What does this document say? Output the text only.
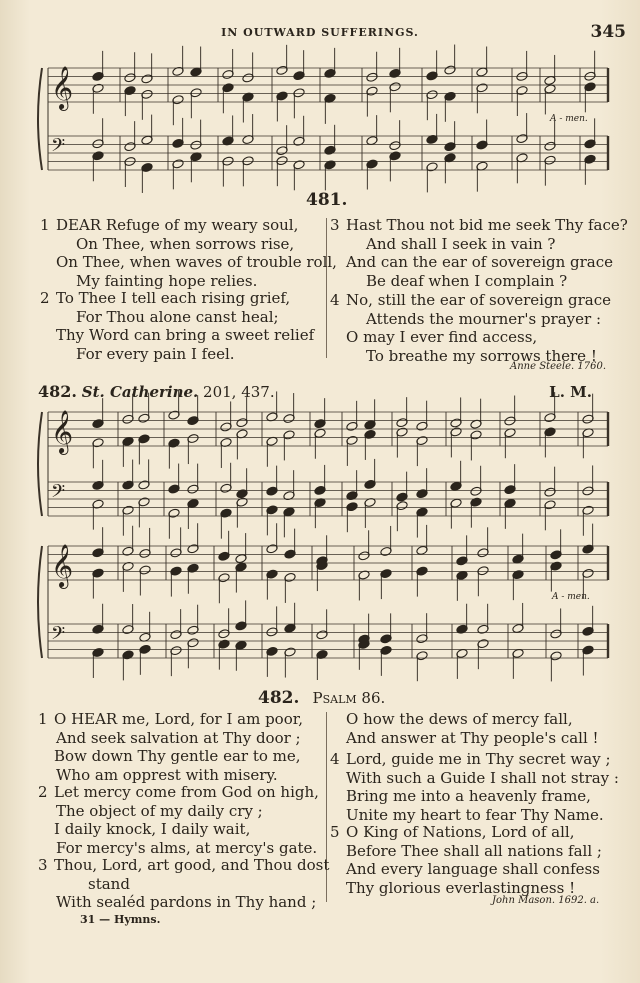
IN OUTWARD SUFFERINGS.	345
𝄞
𝄢
A - men.
481.
1 DEAR Refuge of my weary soul,
On Thee, when sorrows rise,
On Thee, when waves of trouble roll,
My fainting hope relies.
2 To Thee I tell each rising grief,
For Thou alone canst heal;
Thy Word can bring a sweet relief
For every pain I feel.
3 Hast Thou not bid me seek Thy face?
And shall I seek in vain ?
And can the ear of sovereign grace
Be deaf when I complain ?
4 No, still the ear of sovereign grace
Attends the mourner's prayer :
O may I ever find access,
To breathe my sorrows there !
Anne Steele. 1760.
482. St. Catherine. 201, 437.	L. M.
𝄞
𝄢
𝄞
𝄢
A - men.
482. Psalm 86.
1 O HEAR me, Lord, for I am poor,
And seek salvation at Thy door ;
Bow down Thy gentle ear to me,
Who am opprest with misery.
2 Let mercy come from God on high,
The object of my daily cry ;
I daily knock, I daily wait,
For mercy's alms, at mercy's gate.
3 Thou, Lord, art good, and Thou dost
stand
With sealéd pardons in Thy hand ;
O how the dews of mercy fall,
And answer at Thy people's call !
4 Lord, guide me in Thy secret way ;
With such a Guide I shall not stray :
Bring me into a heavenly frame,
Unite my heart to fear Thy Name.
5 O King of Nations, Lord of all,
Before Thee shall all nations fall ;
And every language shall confess
Thy glorious everlastingness !
John Mason. 1692. a.
31 — Hymns.
